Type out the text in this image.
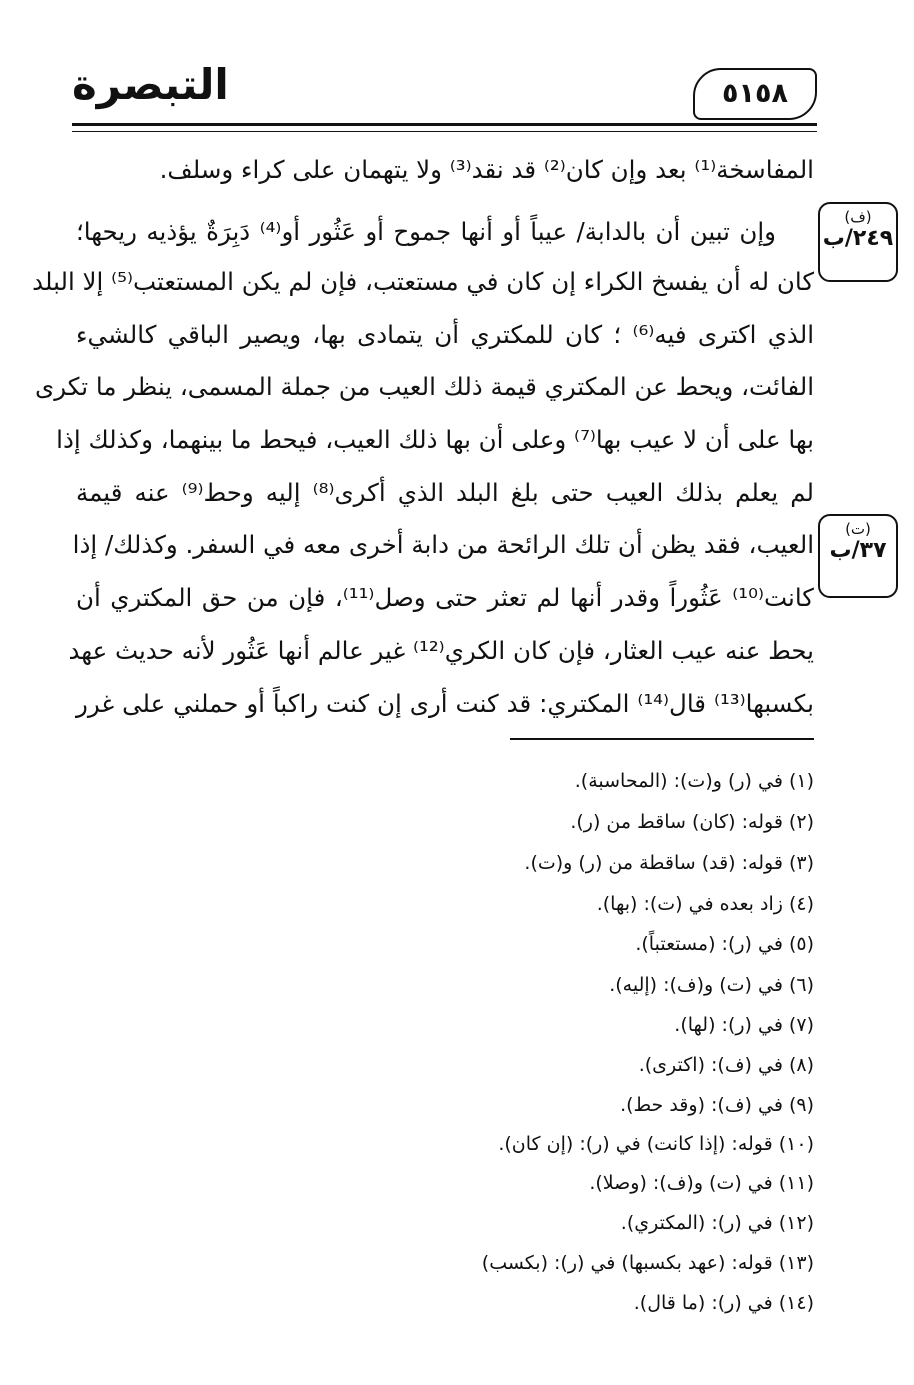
التبصرة	٥١٥٨
(ف)
٢٤٩/ب
(ت)
٣٧/ب
المفاسخة⁽¹⁾ بعد وإن كان⁽²⁾ قد نقد⁽³⁾ ولا يتهمان على كراء وسلف.
وإن تبين أن بالدابة/ عيباً أو أنها جموح أو عَثُور أو⁽⁴⁾ دَبِرَةٌ يؤذيه ريحها؛
كان له أن يفسخ الكراء إن كان في مستعتب، فإن لم يكن المستعتب⁽⁵⁾ إلا البلد
الذي اكترى فيه⁽⁶⁾ ؛ كان للمكتري أن يتمادى بها، ويصير الباقي كالشيء
الفائت، ويحط عن المكتري قيمة ذلك العيب من جملة المسمى، ينظر ما تكرى
بها على أن لا عيب بها⁽⁷⁾ وعلى أن بها ذلك العيب، فيحط ما بينهما، وكذلك إذا
لم يعلم بذلك العيب حتى بلغ البلد الذي أكرى⁽⁸⁾ إليه وحط⁽⁹⁾ عنه قيمة
العيب، فقد يظن أن تلك الرائحة من دابة أخرى معه في السفر. وكذلك/ إذا
كانت⁽¹⁰⁾ عَثُوراً وقدر أنها لم تعثر حتى وصل⁽¹¹⁾، فإن من حق المكتري أن
يحط عنه عيب العثار، فإن كان الكري⁽¹²⁾ غير عالم أنها عَثُور لأنه حديث عهد
بكسبها⁽¹³⁾ قال⁽¹⁴⁾ المكتري: قد كنت أرى إن كنت راكباً أو حملني على غرر
(١) في (ر) و(ت): (المحاسبة).
(٢) قوله: (كان) ساقط من (ر).
(٣) قوله: (قد) ساقطة من (ر) و(ت).
(٤) زاد بعده في (ت): (بها).
(٥) في (ر): (مستعتباً).
(٦) في (ت) و(ف): (إليه).
(٧) في (ر): (لها).
(٨) في (ف): (اكترى).
(٩) في (ف): (وقد حط).
(١٠) قوله: (إذا كانت) في (ر): (إن كان).
(١١) في (ت) و(ف): (وصلا).
(١٢) في (ر): (المكتري).
(١٣) قوله: (عهد بكسبها) في (ر): (بكسب)
(١٤) في (ر): (ما قال).
